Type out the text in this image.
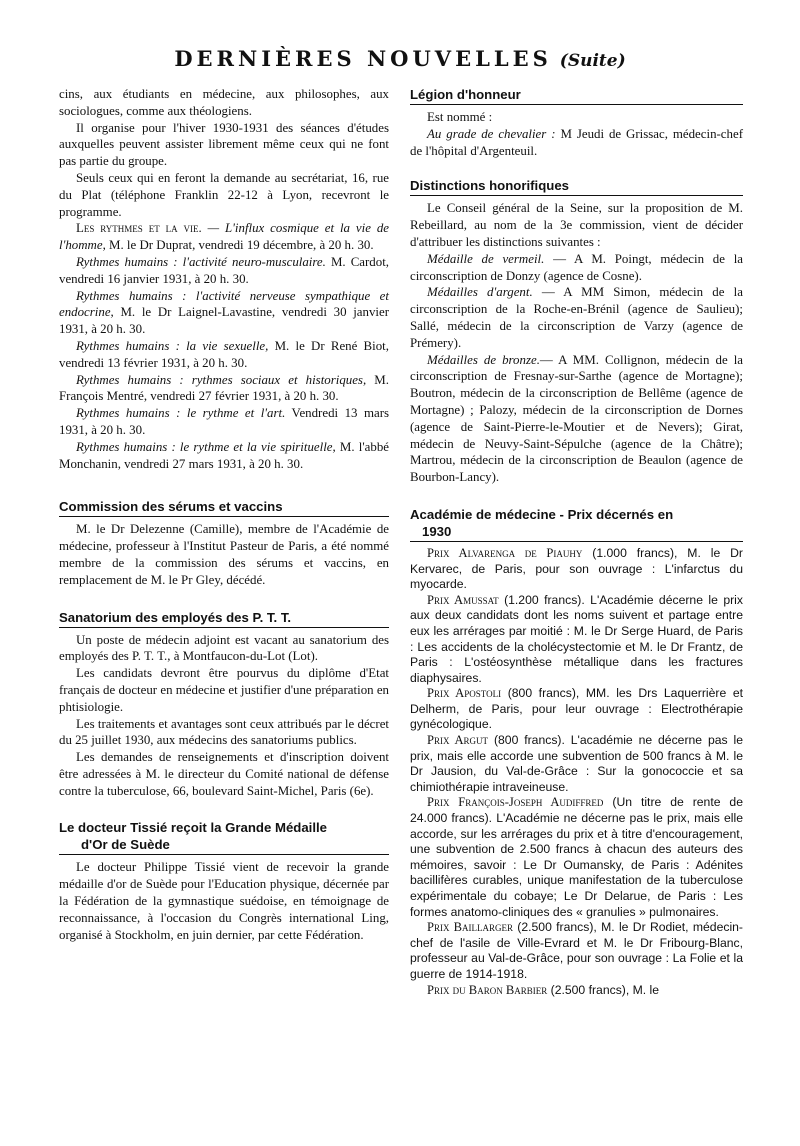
DERNIÈRES NOUVELLES (Suite)

cins, aux étudiants en médecine, aux philosophes, aux sociologues, comme aux théologiens.

Il organise pour l'hiver 1930-1931 des séances d'études auxquelles peuvent assister librement même ceux qui ne font pas partie du groupe.

Seuls ceux qui en feront la demande au secrétariat, 16, rue du Plat (téléphone Franklin 22-12 à Lyon, recevront le programme.

Les rythmes et la vie. — L'influx cosmique et la vie de l'homme, M. le Dr Duprat, vendredi 19 décembre, à 20 h. 30.

Rythmes humains : l'activité neuro-musculaire. M. Cardot, vendredi 16 janvier 1931, à 20 h. 30.

Rythmes humains : l'activité nerveuse sympathique et endocrine, M. le Dr Laignel-Lavastine, vendredi 30 janvier 1931, à 20 h. 30.

Rythmes humains : la vie sexuelle, M. le Dr René Biot, vendredi 13 février 1931, à 20 h. 30.

Rythmes humains : rythmes sociaux et historiques, M. François Mentré, vendredi 27 février 1931, à 20 h. 30.

Rythmes humains : le rythme et l'art. Vendredi 13 mars 1931, à 20 h. 30.

Rythmes humains : le rythme et la vie spirituelle, M. l'abbé Monchanin, vendredi 27 mars 1931, à 20 h. 30.

Commission des sérums et vaccins

M. le Dr Delezenne (Camille), membre de l'Académie de médecine, professeur à l'Institut Pasteur de Paris, a été nommé membre de la commission des sérums et vaccins, en remplacement de M. le Pr Gley, décédé.

Sanatorium des employés des P. T. T.

Un poste de médecin adjoint est vacant au sanatorium des employés des P. T. T., à Montfaucon-du-Lot (Lot).

Les candidats devront être pourvus du diplôme d'Etat français de docteur en médecine et justifier d'une préparation en phtisiologie.

Les traitements et avantages sont ceux attribués par le décret du 25 juillet 1930, aux médecins des sanatoriums publics.

Les demandes de renseignements et d'inscription doivent être adressées à M. le directeur du Comité national de défense contre la tuberculose, 66, boulevard Saint-Michel, Paris (6e).

Le docteur Tissié reçoit la Grande Médaille
d'Or de Suède

Le docteur Philippe Tissié vient de recevoir la grande médaille d'or de Suède pour l'Education physique, décernée par la Fédération de la gymnastique suédoise, en témoignage de reconnaissance, à l'occasion du Congrès international Ling, organisé à Stockholm, en juin dernier, par cette Fédération.

Légion d'honneur

Est nommé :

Au grade de chevalier : M Jeudi de Grissac, médecin-chef de l'hôpital d'Argenteuil.

Distinctions honorifiques

Le Conseil général de la Seine, sur la proposition de M. Rebeillard, au nom de la 3e commission, vient de décider d'attribuer les distinctions suivantes :

Médaille de vermeil. — A M. Poingt, médecin de la circonscription de Donzy (agence de Cosne).

Médailles d'argent. — A MM Simon, médecin de la circonscription de la Roche-en-Brénil (agence de Saulieu); Sallé, médecin de la circonscription de Varzy (agence de Prémery).

Médailles de bronze.— A MM. Collignon, médecin de la circonscription de Fresnay-sur-Sarthe (agence de Mortagne); Boutron, médecin de la circonscription de Bellême (agence de Mortagne) ; Palozy, médecin de la circonscription de Dornes (agence de Saint-Pierre-le-Moutier et de Nevers); Girat, médecin de Neuvy-Saint-Sépulche (agence de la Châtre); Martrou, médecin de la circonscription de Beaulon (agence de Bourbon-Lancy).

Académie de médecine - Prix décernés en
1930

Prix Alvarenga de Piauhy (1.000 francs), M. le Dr Kervarec, de Paris, pour son ouvrage : L'infarctus du myocarde.

Prix Amussat (1.200 francs). L'Académie décerne le prix aux deux candidats dont les noms suivent et partage entre eux les arrérages par moitié : M. le Dr Serge Huard, de Paris : Les accidents de la cholécystectomie et M. le Dr Frantz, de Paris : L'ostéosynthèse métallique dans les fractures diaphysaires.

Prix Apostoli (800 francs), MM. les Drs Laquerrière et Delherm, de Paris, pour leur ouvrage : Electrothérapie gynécologique.

Prix Argut (800 francs). L'académie ne décerne pas le prix, mais elle accorde une subvention de 500 francs à M. le Dr Jausion, du Val-de-Grâce : Sur la gonococcie et sa chimiothérapie intraveineuse.

Prix François-Joseph Audiffred (Un titre de rente de 24.000 francs). L'Académie ne décerne pas le prix, mais elle accorde, sur les arrérages du prix et à titre d'encouragement, une subvention de 2.500 francs à chacun des auteurs des mémoires, savoir : Le Dr Oumansky, de Paris : Adénites bacillifères curables, unique manifestation de la tuberculose expérimentale du cobaye; Le Dr Delarue, de Paris : Les formes anatomo-cliniques des « granulies » pulmonaires.

Prix Baillarger (2.500 francs), M. le Dr Rodiet, médecin-chef de l'asile de Ville-Evrard et M. le Dr Fribourg-Blanc, professeur au Val-de-Grâce, pour son ouvrage : La Folie et la guerre de 1914-1918.

Prix du Baron Barbier (2.500 francs), M. le
